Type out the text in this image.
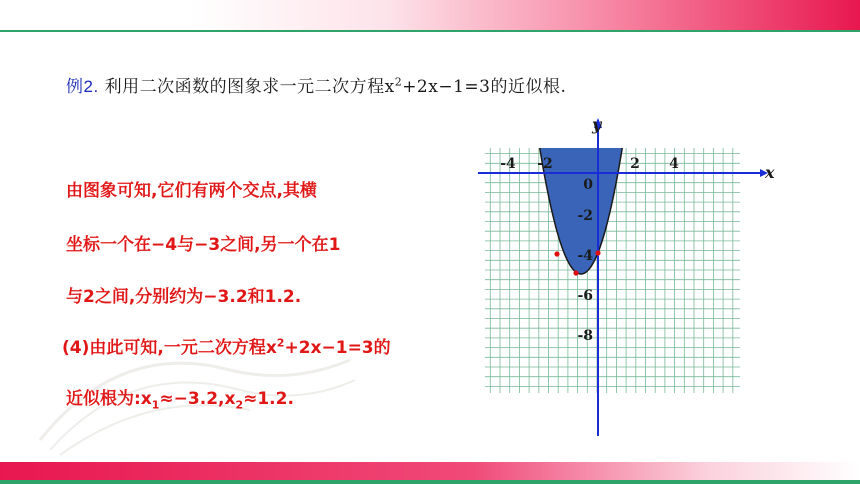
例2. 利用二次函数的图象求一元二次方程$x^2+2x-1=3$的近似根.
由图象可知,它们有两个交点,其横
坐标一个在−4与−3之间,另一个在1
与2之间,分别约为−3.2和1.2.
(4)由此可知,一元二次方程$x^2+2x-1=3$的
近似根为$:x_1\approx-3.2,x_2\approx 1.2$.
x
y
-4 -2	2 4
0
-2
-4
-6
-8
